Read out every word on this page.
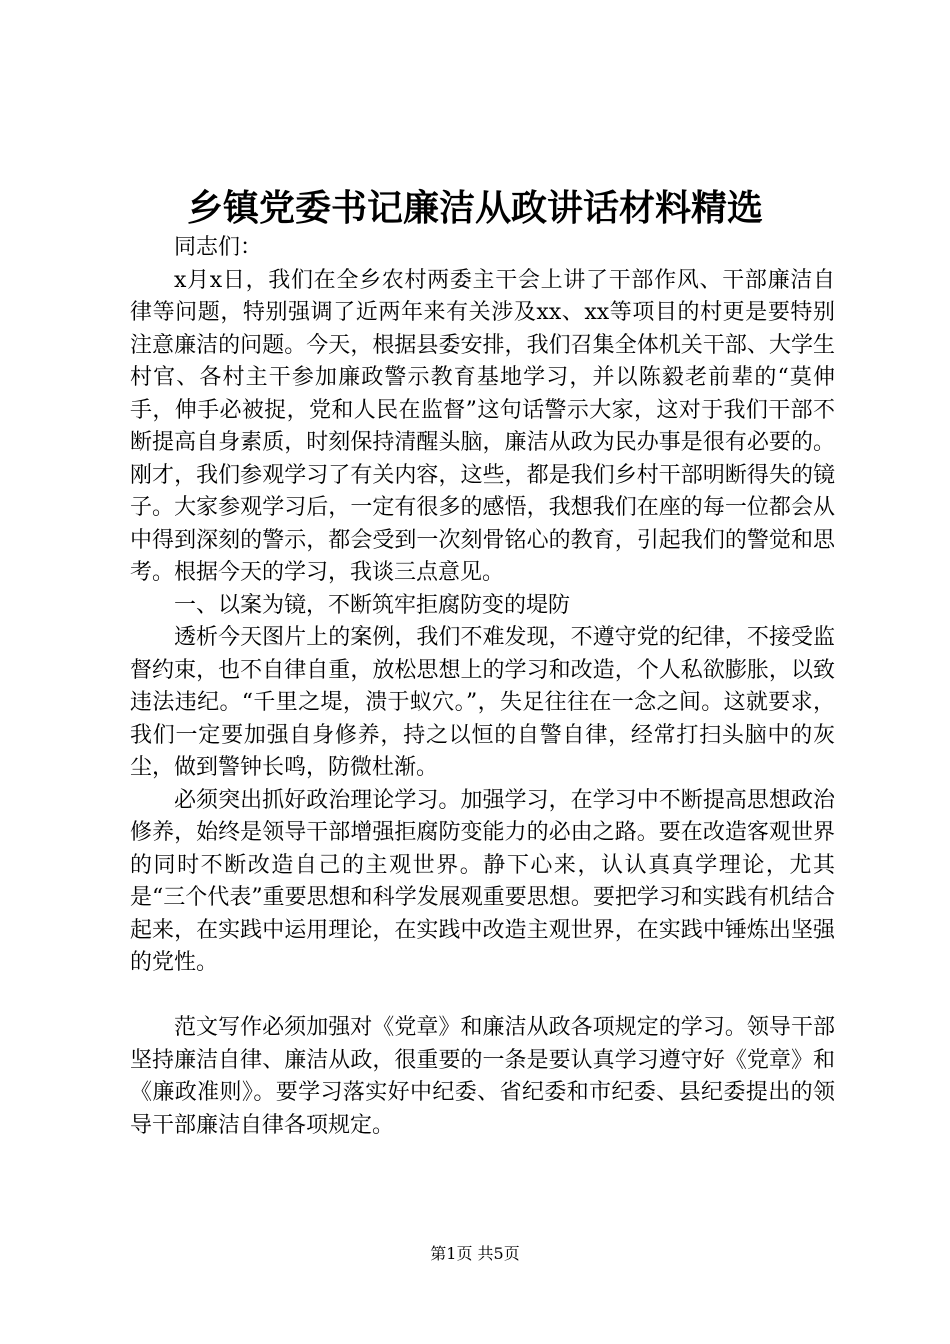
乡镇党委书记廉洁从政讲话材料精选

同志们：

x月x日，我们在全乡农村两委主干会上讲了干部作风、干部廉洁自律等问题，特别强调了近两年来有关涉及xx、xx等项目的村更是要特别注意廉洁的问题。今天，根据县委安排，我们召集全体机关干部、大学生村官、各村主干参加廉政警示教育基地学习，并以陈毅老前辈的“莫伸手，伸手必被捉，党和人民在监督”这句话警示大家，这对于我们干部不断提高自身素质，时刻保持清醒头脑，廉洁从政为民办事是很有必要的。刚才，我们参观学习了有关内容，这些，都是我们乡村干部明断得失的镜子。大家参观学习后，一定有很多的感悟，我想我们在座的每一位都会从中得到深刻的警示，都会受到一次刻骨铭心的教育，引起我们的警觉和思考。根据今天的学习，我谈三点意见。

一、以案为镜，不断筑牢拒腐防变的堤防

透析今天图片上的案例，我们不难发现，不遵守党的纪律，不接受监督约束，也不自律自重，放松思想上的学习和改造，个人私欲膨胀，以致违法违纪。“千里之堤，溃于蚁穴。”，失足往往在一念之间。这就要求，我们一定要加强自身修养，持之以恒的自警自律，经常打扫头脑中的灰尘，做到警钟长鸣，防微杜渐。

必须突出抓好政治理论学习。加强学习，在学习中不断提高思想政治修养，始终是领导干部增强拒腐防变能力的必由之路。要在改造客观世界的同时不断改造自己的主观世界。静下心来，认认真真学理论，尤其是“三个代表”重要思想和科学发展观重要思想。要把学习和实践有机结合起来，在实践中运用理论，在实践中改造主观世界，在实践中锤炼出坚强的党性。

范文写作必须加强对《党章》和廉洁从政各项规定的学习。领导干部坚持廉洁自律、廉洁从政，很重要的一条是要认真学习遵守好《党章》和《廉政准则》。要学习落实好中纪委、省纪委和市纪委、县纪委提出的领导干部廉洁自律各项规定。

第1页 共5页
